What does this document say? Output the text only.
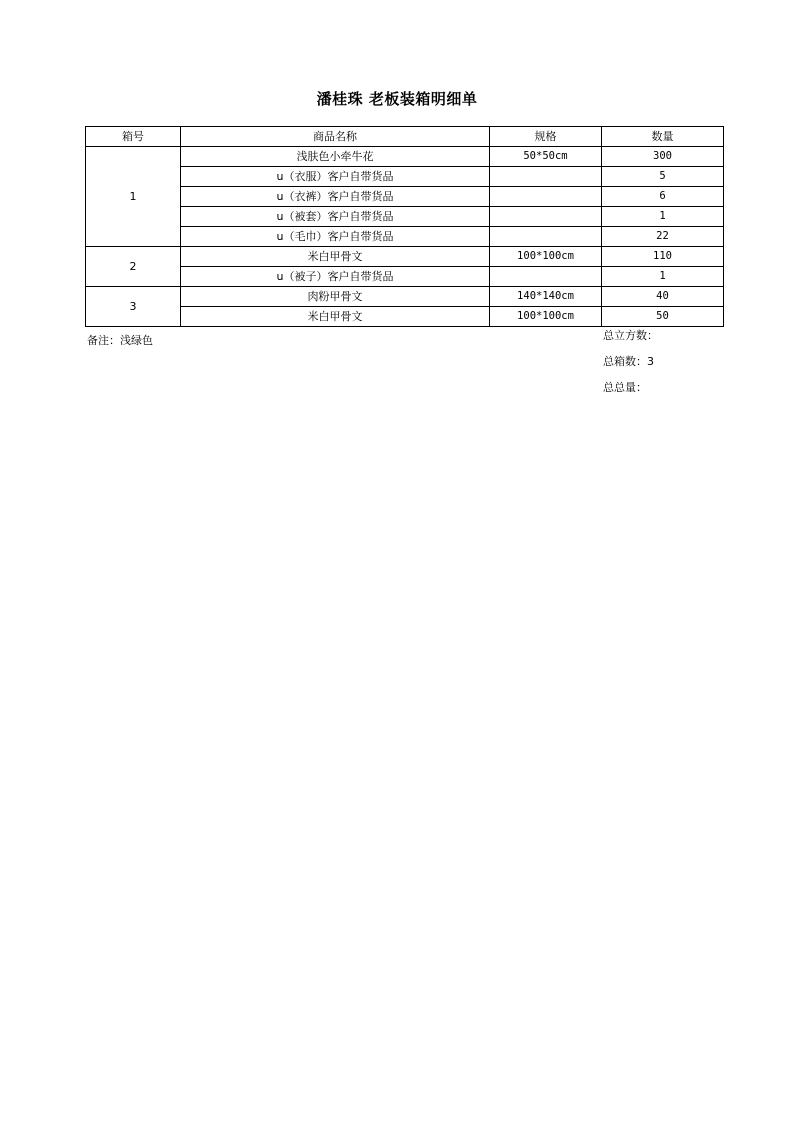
潘桂珠 老板装箱明细单
箱号	商品名称	规格	数量
1	浅肤色小牵牛花	50*50cm	300
	u（衣服）客户自带货品		5
	u（衣裤）客户自带货品		6
	u（被套）客户自带货品		1
	u（毛巾）客户自带货品		22
2	米白甲骨文	100*100cm	110
	u（被子）客户自带货品		1
3	肉粉甲骨文	140*140cm	40
	米白甲骨文	100*100cm	50
备注：浅绿色	总立方数：
总箱数：3
总总量：
